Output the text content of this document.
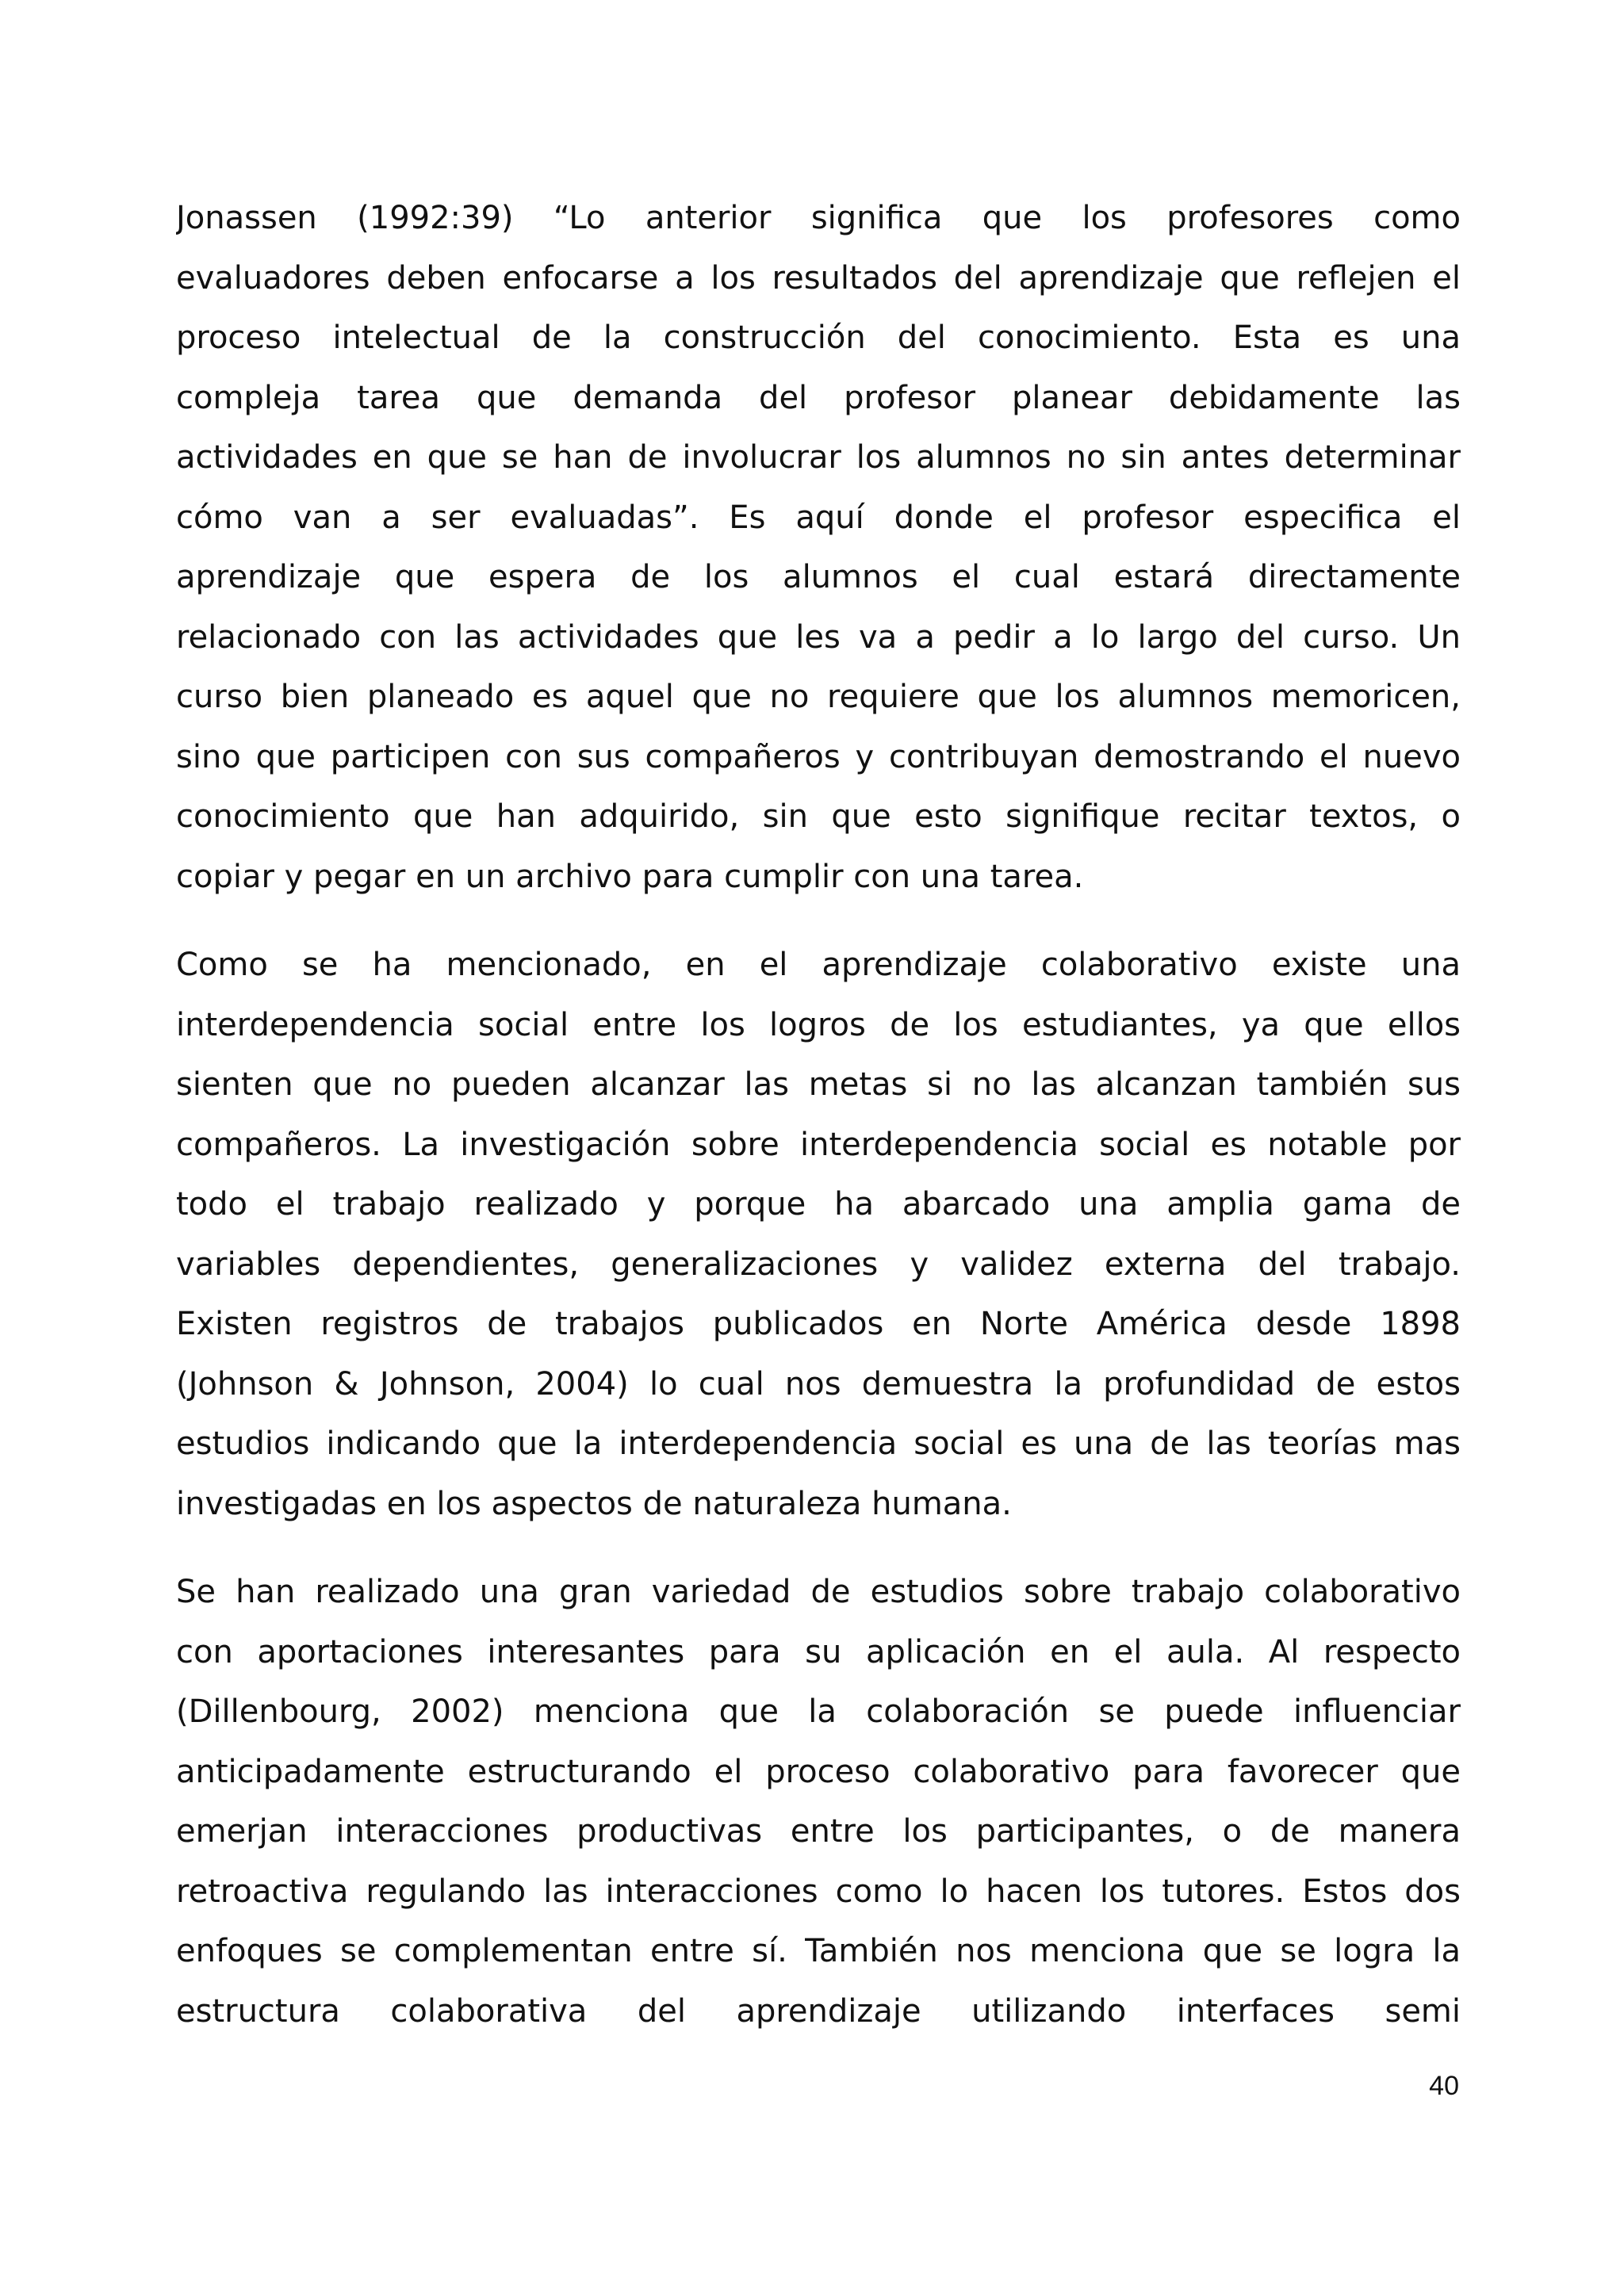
Jonassen (1992:39) “Lo anterior significa que los profesores como
evaluadores deben enfocarse a los resultados del aprendizaje que reflejen el
proceso intelectual de la construcción del conocimiento. Esta es una
compleja tarea que demanda del profesor planear debidamente las
actividades en que se han de involucrar los alumnos no sin antes determinar
cómo van a ser evaluadas”. Es aquí donde el profesor especifica el
aprendizaje que espera de los alumnos el cual estará directamente
relacionado con las actividades que les va a pedir a lo largo del curso. Un
curso bien planeado es aquel que no requiere que los alumnos memoricen,
sino que participen con sus compañeros y contribuyan demostrando el nuevo
conocimiento que han adquirido, sin que esto signifique recitar textos, o
copiar y pegar en un archivo para cumplir con una tarea.
Como se ha mencionado, en el aprendizaje colaborativo existe una
interdependencia social entre los logros de los estudiantes, ya que ellos
sienten que no pueden alcanzar las metas si no las alcanzan también sus
compañeros. La investigación sobre interdependencia social es notable por
todo el trabajo realizado y porque ha abarcado una amplia gama de
variables dependientes, generalizaciones y validez externa del trabajo.
Existen registros de trabajos publicados en Norte América desde 1898
(Johnson & Johnson, 2004) lo cual nos demuestra la profundidad de estos
estudios indicando que la interdependencia social es una de las teorías mas
investigadas en los aspectos de naturaleza humana.
Se han realizado una gran variedad de estudios sobre trabajo colaborativo
con aportaciones interesantes para su aplicación en el aula. Al respecto
(Dillenbourg, 2002) menciona que la colaboración se puede influenciar
anticipadamente estructurando el proceso colaborativo para favorecer que
emerjan interacciones productivas entre los participantes, o de manera
retroactiva regulando las interacciones como lo hacen los tutores. Estos dos
enfoques se complementan entre sí. También nos menciona que se logra la
estructura colaborativa del aprendizaje utilizando interfaces semi
40
